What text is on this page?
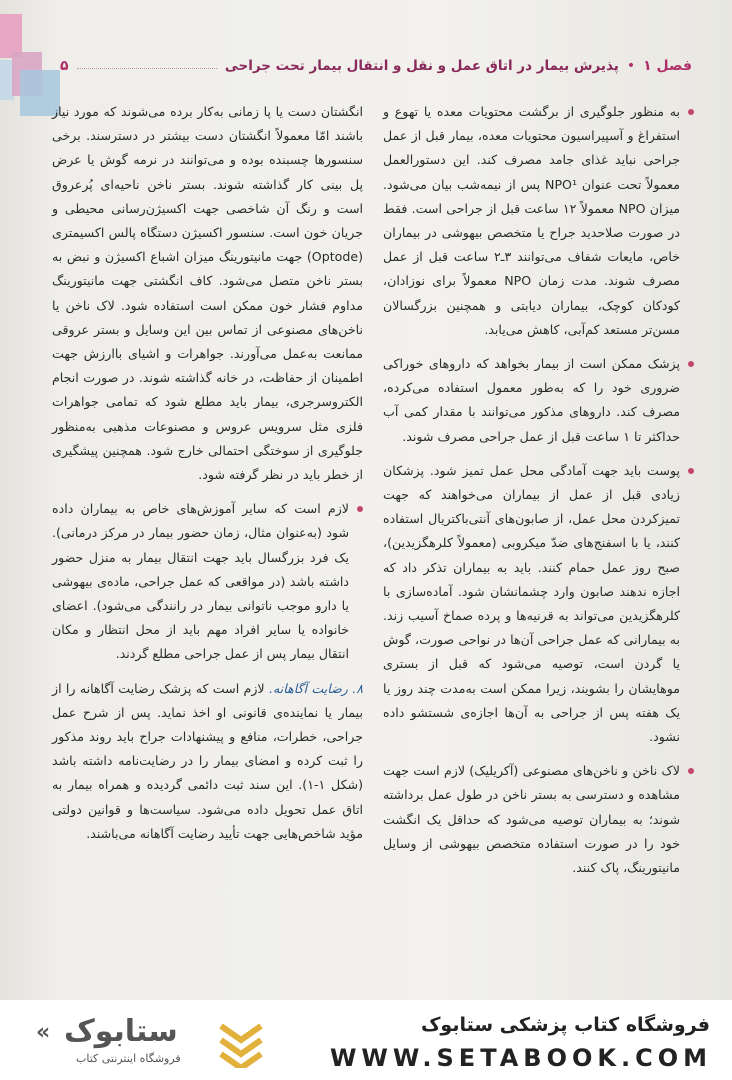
فصل ۱
•
پذیرش بیمار در اتاق عمل و نقل و انتقال بیمار تحت جراحی
۵

به منظور جلوگیری از برگشت محتویات معده یا تهوع و استفراغ و آسپیراسیون محتویات معده، بیمار قبل از عمل جراحی نباید غذای جامد مصرف کند. این دستورالعمل معمولاً تحت عنوان NPO¹ پس از نیمه‌شب بیان می‌شود. میزان NPO معمولاً ۱۲ ساعت قبل از جراحی است. فقط در صورت صلاحدید جراح یا متخصص بیهوشی در بیماران خاص، مایعات شفاف می‌توانند ۳ـ۲ ساعت قبل از عمل مصرف شوند. مدت زمان NPO معمولاً برای نوزادان، کودکان کوچک، بیماران دیابتی و همچنین بزرگسالان مسن‌تر مستعد کم‌آبی، کاهش می‌یابد.

پزشک ممکن است از بیمار بخواهد که داروهای خوراکی ضروری خود را که به‌طور معمول استفاده می‌کرده، مصرف کند. داروهای مذکور می‌توانند با مقدار کمی آب حداکثر تا ۱ ساعت قبل از عمل جراحی مصرف شوند.

پوست باید جهت آمادگی محل عمل تمیز شود. پزشکان زیادی قبل از عمل از بیماران می‌خواهند که جهت تمیزکردن محل عمل، از صابون‌های آنتی‌باکتریال استفاده کنند، یا با اسفنج‌های ضدّ میکروبی (معمولاً کلرهگزیدین)، صبح روز عمل حمام کنند. باید به بیماران تذکر داد که اجازه ندهند صابون وارد چشمانشان شود. آماده‌سازی با کلرهگزیدین می‌تواند به قرنیه‌ها و پرده صماخ آسیب زند. به بیمارانی که عمل جراحی آن‌ها در نواحی صورت، گوش یا گردن است، توصیه می‌شود که قبل از بستری موهایشان را بشویند، زیرا ممکن است به‌مدت چند روز یا یک هفته پس از جراحی به آن‌ها اجازه‌ی شستشو داده نشود.

لاک ناخن و ناخن‌های مصنوعی (آکریلیک) لازم است جهت مشاهده و دسترسی به بستر ناخن در طول عمل برداشته شوند؛ به بیماران توصیه می‌شود که حداقل یک انگشت خود را در صورت استفاده متخصص بیهوشی از وسایل مانیتورینگ، پاک کنند.

انگشتان دست یا پا زمانی به‌کار برده می‌شوند که مورد نیاز باشند امّا معمولاً انگشتان دست بیشتر در دسترسند. برخی سنسورها چسبنده بوده و می‌توانند در نرمه گوش یا عرض پل بینی کار گذاشته شوند. بستر ناخن ناحیه‌ای پُرعروق است و رنگ آن شاخصی جهت اکسیژن‌رسانی محیطی و جریان خون است. سنسور اکسیژن دستگاه پالس اکسیمتری (Optode) جهت مانیتورینگ میزان اشباع اکسیژن و نبض به بستر ناخن متصل می‌شود. کاف انگشتی جهت مانیتورینگ مداوم فشار خون ممکن است استفاده شود. لاک ناخن یا ناخن‌های مصنوعی از تماس بین این وسایل و بستر عروقی ممانعت به‌عمل می‌آورند. جواهرات و اشیای باارزش جهت اطمینان از حفاظت، در خانه گذاشته شوند. در صورت انجام الکتروسرجری، بیمار باید مطلع شود که تمامی جواهرات فلزی مثل سرویس عروس و مصنوعات مذهبی به‌منظور جلوگیری از سوختگی احتمالی خارج شود. همچنین پیشگیری از خطر باید در نظر گرفته شود.

لازم است که سایر آموزش‌های خاص به بیماران داده شود (به‌عنوان مثال، زمان حضور بیمار در مرکز درمانی). یک فرد بزرگسال باید جهت انتقال بیمار به منزل حضور داشته باشد (در مواقعی که عمل جراحی، ماده‌ی بیهوشی یا دارو موجب ناتوانی بیمار در رانندگی می‌شود). اعضای خانواده یا سایر افراد مهم باید از محل انتظار و مکان انتقال بیمار پس از عمل جراحی مطلع گردند.

۸. رضایت آگاهانه. لازم است که پزشک رضایت آگاهانه را از بیمار یا نماینده‌ی قانونی او اخذ نماید. پس از شرح عمل جراحی، خطرات، منافع و پیشنهادات جراح باید روند مذکور را ثبت کرده و امضای بیمار را در رضایت‌نامه داشته باشد (شکل ۱-۱). این سند ثبت دائمی گردیده و همراه بیمار به اتاق عمل تحویل داده می‌شود. سیاست‌ها و قوانین دولتی مؤید شاخص‌هایی جهت تأیید رضایت آگاهانه می‌باشند.

فروشگاه کتاب پزشکی ستابوک
WWW.SETABOOK.COM
« ستابوک
فروشگاه اینترنتی کتاب
